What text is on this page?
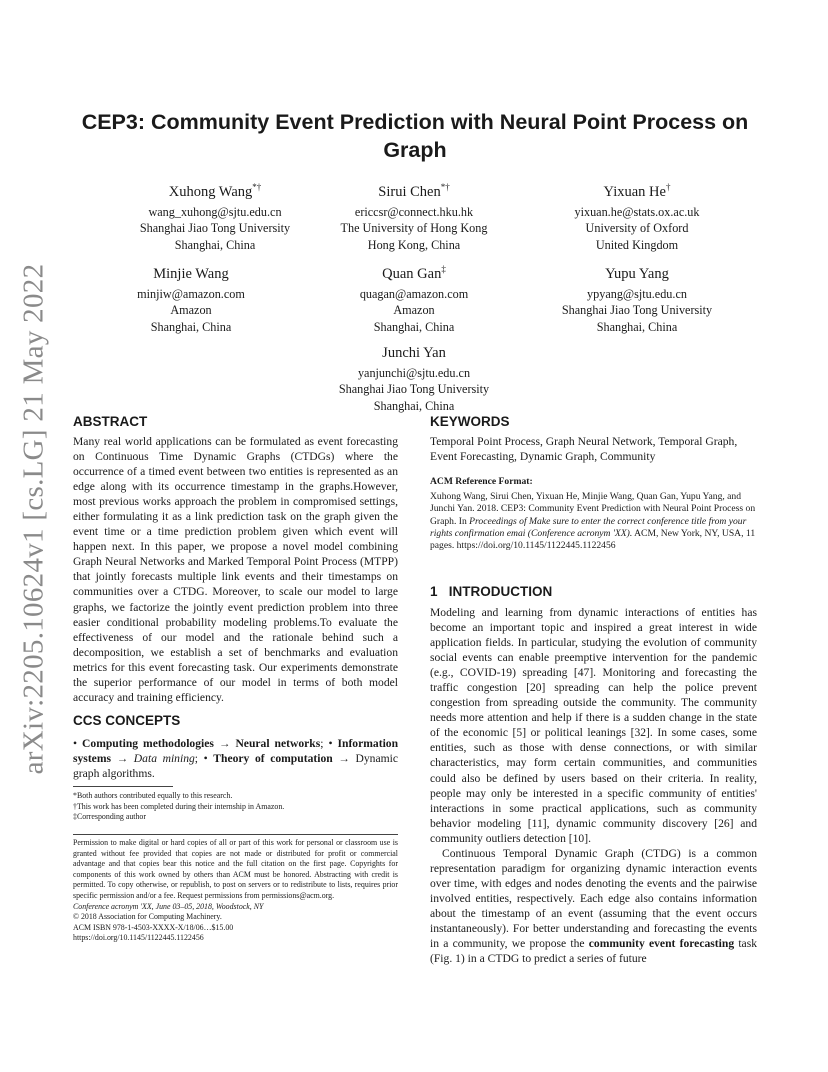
arXiv:2205.10624v1 [cs.LG] 21 May 2022
CEP3: Community Event Prediction with Neural Point Process on Graph
Xuhong Wang*†
wang_xuhong@sjtu.edu.cn
Shanghai Jiao Tong University
Shanghai, China
Sirui Chen*†
ericcsr@connect.hku.hk
The University of Hong Kong
Hong Kong, China
Yixuan He†
yixuan.he@stats.ox.ac.uk
University of Oxford
United Kingdom
Minjie Wang
minjiw@amazon.com
Amazon
Shanghai, China
Quan Gan‡
quagan@amazon.com
Amazon
Shanghai, China
Yupu Yang
ypyang@sjtu.edu.cn
Shanghai Jiao Tong University
Shanghai, China
Junchi Yan
yanjunchi@sjtu.edu.cn
Shanghai Jiao Tong University
Shanghai, China
ABSTRACT
Many real world applications can be formulated as event forecasting on Continuous Time Dynamic Graphs (CTDGs) where the occurrence of a timed event between two entities is represented as an edge along with its occurrence timestamp in the graphs.However, most previous works approach the problem in compromised settings, either formulating it as a link prediction task on the graph given the event time or a time prediction problem given which event will happen next. In this paper, we propose a novel model combining Graph Neural Networks and Marked Temporal Point Process (MTPP) that jointly forecasts multiple link events and their timestamps on communities over a CTDG. Moreover, to scale our model to large graphs, we factorize the jointly event prediction problem into three easier conditional probability modeling problems.To evaluate the effectiveness of our model and the rationale behind such a decomposition, we establish a set of benchmarks and evaluation metrics for this event forecasting task. Our experiments demonstrate the superior performance of our model in terms of both model accuracy and training efficiency.
CCS CONCEPTS
• Computing methodologies → Neural networks; • Information systems → Data mining; • Theory of computation → Dynamic graph algorithms.
*Both authors contributed equally to this research.
†This work has been completed during their internship in Amazon.
‡Corresponding author
Permission to make digital or hard copies of all or part of this work for personal or classroom use is granted without fee provided that copies are not made or distributed for profit or commercial advantage and that copies bear this notice and the full citation on the first page. Copyrights for components of this work owned by others than ACM must be honored. Abstracting with credit is permitted. To copy otherwise, or republish, to post on servers or to redistribute to lists, requires prior specific permission and/or a fee. Request permissions from permissions@acm.org.
Conference acronym 'XX, June 03–05, 2018, Woodstock, NY
© 2018 Association for Computing Machinery.
ACM ISBN 978-1-4503-XXXX-X/18/06…$15.00
https://doi.org/10.1145/1122445.1122456
KEYWORDS
Temporal Point Process, Graph Neural Network, Temporal Graph, Event Forecasting, Dynamic Graph, Community
ACM Reference Format:
Xuhong Wang, Sirui Chen, Yixuan He, Minjie Wang, Quan Gan, Yupu Yang, and Junchi Yan. 2018. CEP3: Community Event Prediction with Neural Point Process on Graph. In Proceedings of Make sure to enter the correct conference title from your rights confirmation emai (Conference acronym 'XX). ACM, New York, NY, USA, 11 pages. https://doi.org/10.1145/1122445.1122456
1 INTRODUCTION
Modeling and learning from dynamic interactions of entities has become an important topic and inspired a great interest in wide application fields. In particular, studying the evolution of community social events can enable preemptive intervention for the pandemic (e.g., COVID-19) spreading [47]. Monitoring and forecasting the traffic congestion [20] spreading can help the police prevent congestion from spreading outside the community. The community needs more attention and help if there is a sudden change in the state of the economic [5] or political leanings [32]. In some cases, some entities, such as those with dense connections, or with similar characteristics, may form certain communities, and communities could also be defined by users based on their criteria. In reality, people may only be interested in a specific community of entities' interactions in some practical applications, such as community behavior modeling [11], dynamic community discovery [26] and community outliers detection [10].
Continuous Temporal Dynamic Graph (CTDG) is a common representation paradigm for organizing dynamic interaction events over time, with edges and nodes denoting the events and the pairwise involved entities, respectively. Each edge also contains information about the timestamp of an event (assuming that the event occurs instantaneously). For better understanding and forecasting the events in a community, we propose the community event forecasting task (Fig. 1) in a CTDG to predict a series of future
